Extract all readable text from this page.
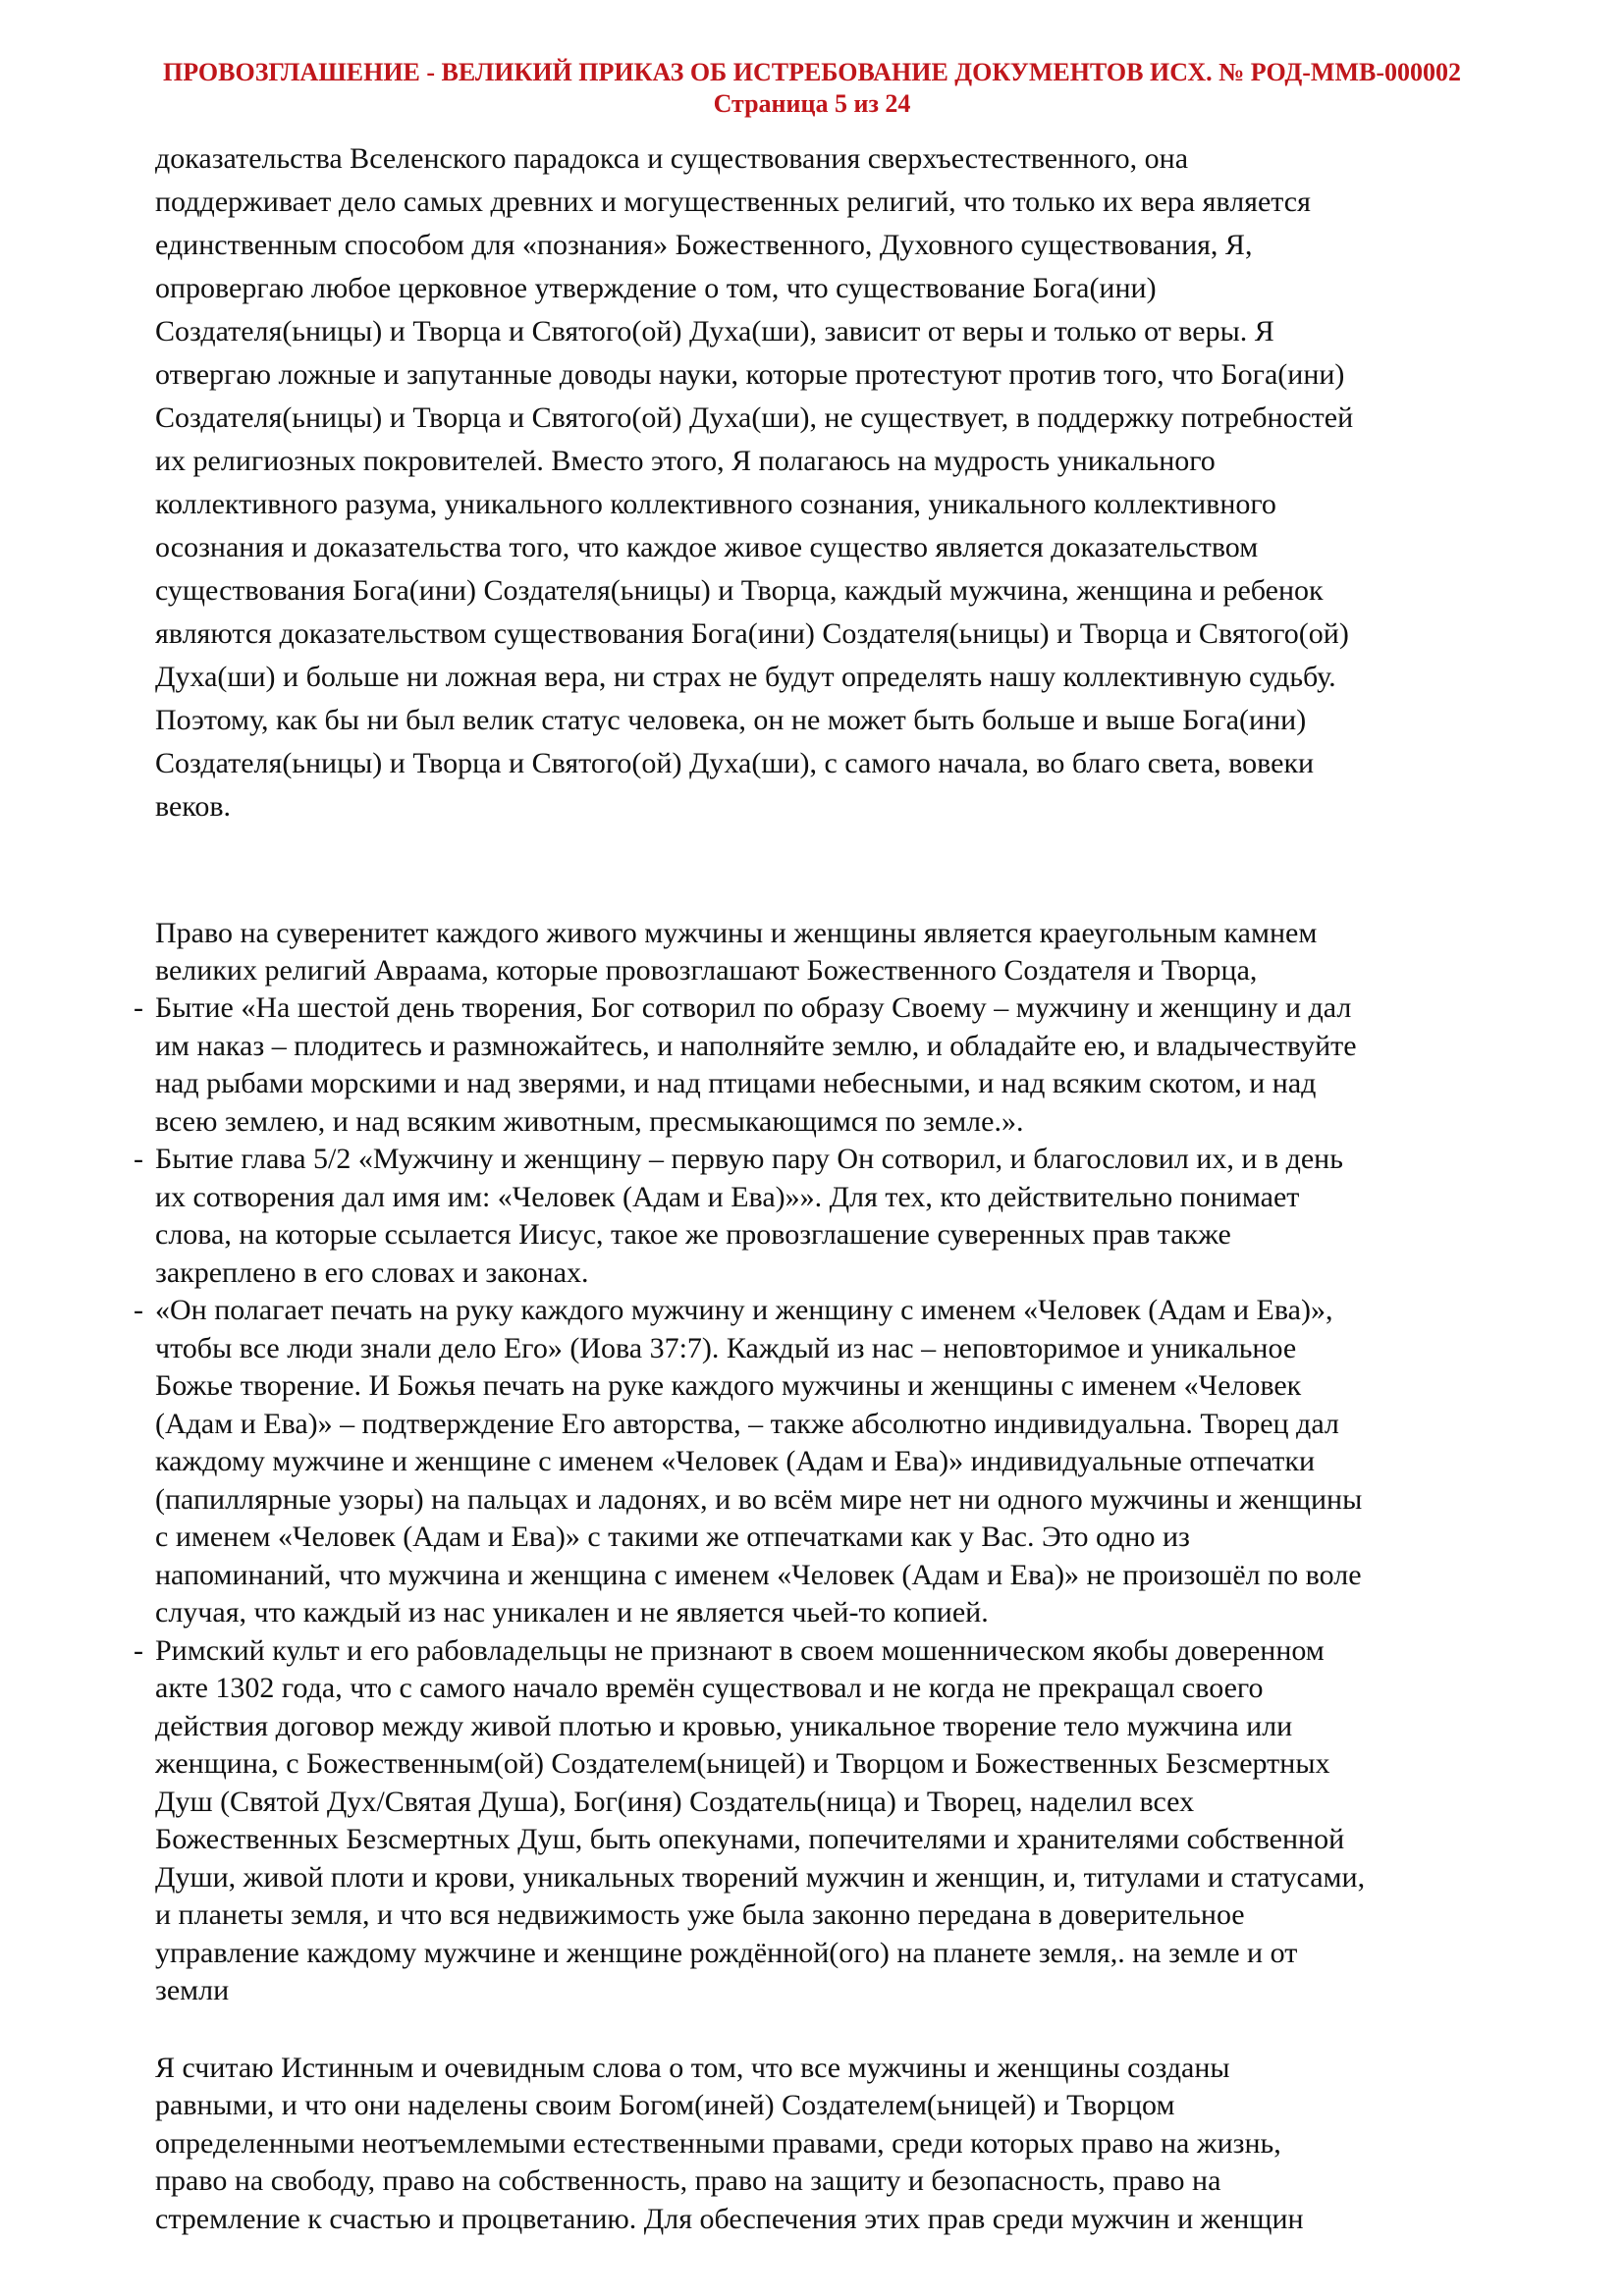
ПРОВОЗГЛАШЕНИЕ - ВЕЛИКИЙ ПРИКАЗ ОБ ИСТРЕБОВАНИЕ ДОКУМЕНТОВ ИСХ. № РОД-ММВ-000002
Страница 5 из 24
доказательства Вселенского парадокса и существования сверхъестественного, она
поддерживает дело самых древних и могущественных религий, что только их вера является
единственным способом для «познания» Божественного, Духовного существования, Я,
опровергаю любое церковное утверждение о том, что существование Бога(ини)
Создателя(ьницы) и Творца и Святого(ой) Духа(ши), зависит от веры и только от веры. Я
отвергаю ложные и запутанные доводы науки, которые протестуют против того, что Бога(ини)
Создателя(ьницы) и Творца и Святого(ой) Духа(ши), не существует, в поддержку потребностей
их религиозных покровителей. Вместо этого, Я полагаюсь на мудрость уникального
коллективного разума, уникального коллективного сознания, уникального коллективного
осознания и доказательства того, что каждое живое существо является доказательством
существования Бога(ини) Создателя(ьницы) и Творца, каждый мужчина, женщина и ребенок
являются доказательством существования Бога(ини) Создателя(ьницы) и Творца и Святого(ой)
Духа(ши) и больше ни ложная вера, ни страх не будут определять нашу коллективную судьбу.
Поэтому, как бы ни был велик статус человека, он не может быть больше и выше Бога(ини)
Создателя(ьницы) и Творца и Святого(ой) Духа(ши), с самого начала, во благо света, вовеки
веков.
Право на суверенитет каждого живого мужчины и женщины является краеугольным камнем
великих религий Авраама, которые провозглашают Божественного Создателя и Творца,
- Бытие «На шестой день творения, Бог сотворил по образу Своему – мужчину и женщину и дал
им наказ – плодитесь и размножайтесь, и наполняйте землю, и обладайте ею, и владычествуйте
над рыбами морскими и над зверями, и над птицами небесными, и над всяким скотом, и над
всею землею, и над всяким животным, пресмыкающимся по земле.».
- Бытие глава 5/2 «Мужчину и женщину – первую пару Он сотворил, и благословил их, и в день
их сотворения дал имя им: «Человек (Адам и Ева)»». Для тех, кто действительно понимает
слова, на которые ссылается Иисус, такое же провозглашение суверенных прав также
закреплено в его словах и законах.
- «Он полагает печать на руку каждого мужчину и женщину с именем «Человек (Адам и Ева)»,
чтобы все люди знали дело Его» (Иова 37:7). Каждый из нас – неповторимое и уникальное
Божье творение. И Божья печать на руке каждого мужчины и женщины с именем «Человек
(Адам и Ева)» – подтверждение Его авторства, – также абсолютно индивидуальна. Творец дал
каждому мужчине и женщине с именем «Человек (Адам и Ева)» индивидуальные отпечатки
(папиллярные узоры) на пальцах и ладонях, и во всём мире нет ни одного мужчины и женщины
с именем «Человек (Адам и Ева)» с такими же отпечатками как у Вас. Это одно из
напоминаний, что мужчина и женщина с именем «Человек (Адам и Ева)» не произошёл по воле
случая, что каждый из нас уникален и не является чьей-то копией.
- Римский культ и его рабовладельцы не признают в своем мошенническом якобы доверенном
акте 1302 года, что с самого начало времён существовал и не когда не прекращал своего
действия договор между живой плотью и кровью, уникальное творение тело мужчина или
женщина, с Божественным(ой) Создателем(ьницей) и Творцом и Божественных Безсмертных
Душ (Святой Дух/Святая Душа), Бог(иня) Создатель(ница) и Творец, наделил всех
Божественных Безсмертных Душ, быть опекунами, попечителями и хранителями собственной
Души, живой плоти и крови, уникальных творений мужчин и женщин, и, титулами и статусами,
и планеты земля, и что вся недвижимость уже была законно передана в доверительное
управление каждому мужчине и женщине рождённой(ого) на планете земля,. на земле и от
земли
Я считаю Истинным и очевидным слова о том, что все мужчины и женщины созданы
равными, и что они наделены своим Богом(иней) Создателем(ьницей) и Творцом
определенными неотъемлемыми естественными правами, среди которых право на жизнь,
право на свободу, право на собственность, право на защиту и безопасность, право на
стремление к счастью и процветанию. Для обеспечения этих прав среди мужчин и женщин
